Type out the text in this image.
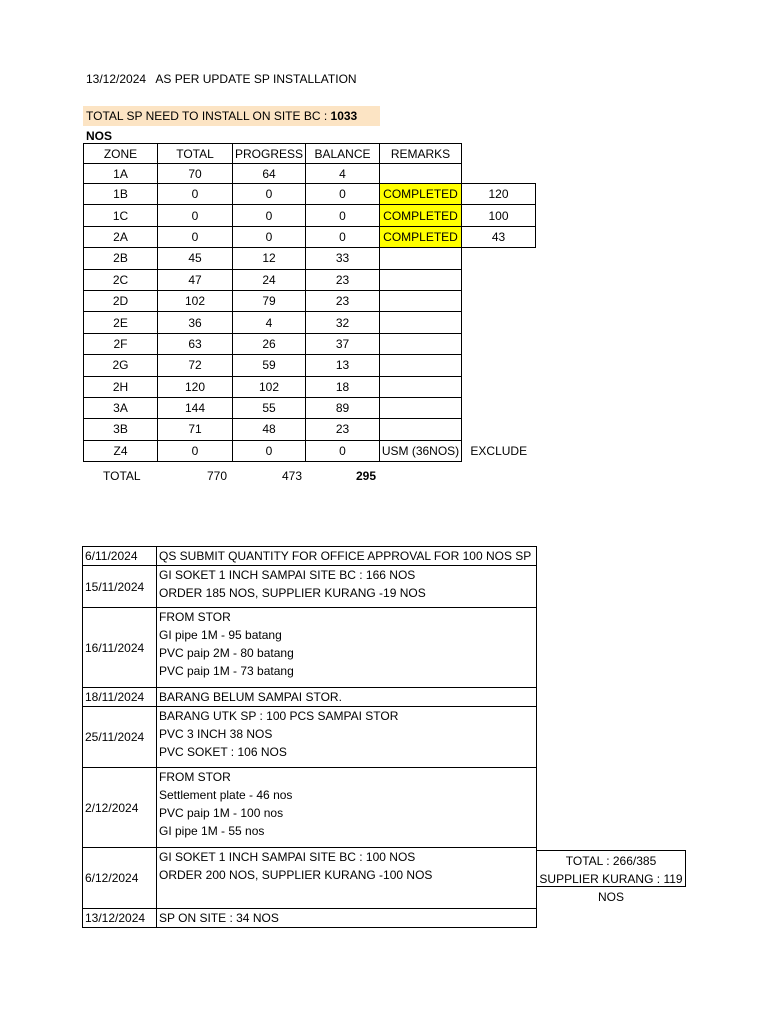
13/12/2024 AS PER UPDATE SP INSTALLATION
TOTAL SP NEED TO INSTALL ON SITE BC : 1033 NOS
ZONE	TOTAL	PROGRESS	BALANCE	REMARKS	
1A	70	64	4		
1B	0	0	0	COMPLETED	120
1C	0	0	0	COMPLETED	100
2A	0	0	0	COMPLETED	43
2B	45	12	33		
2C	47	24	23		
2D	102	79	23		
2E	36	4	32		
2F	63	26	37		
2G	72	59	13		
2H	120	102	18		
3A	144	55	89		
3B	71	48	23		
Z4	0	0	0	USM (36NOS)	EXCLUDE
TOTAL	770	473	295
6/11/2024	QS SUBMIT QUANTITY FOR OFFICE APPROVAL FOR 100 NOS SP

15/11/2024	GI SOKET 1 INCH SAMPAI SITE BC : 166 NOS
ORDER 185 NOS, SUPPLIER KURANG -19 NOS

16/11/2024	FROM STOR
GI pipe 1M - 95 batang
PVC paip 2M - 80 batang
PVC paip 1M - 73 batang

18/11/2024	BARANG BELUM SAMPAI STOR.

25/11/2024	BARANG UTK SP : 100 PCS SAMPAI STOR
PVC 3 INCH 38 NOS
PVC SOKET : 106 NOS

2/12/2024	FROM STOR
Settlement plate - 46 nos
PVC paip 1M - 100 nos
GI pipe 1M - 55 nos

6/12/2024	GI SOKET 1 INCH SAMPAI SITE BC : 100 NOS
ORDER 200 NOS, SUPPLIER KURANG -100 NOS

13/12/2024	SP ON SITE : 34 NOS
TOTAL : 266/385
SUPPLIER KURANG : 119
NOS
